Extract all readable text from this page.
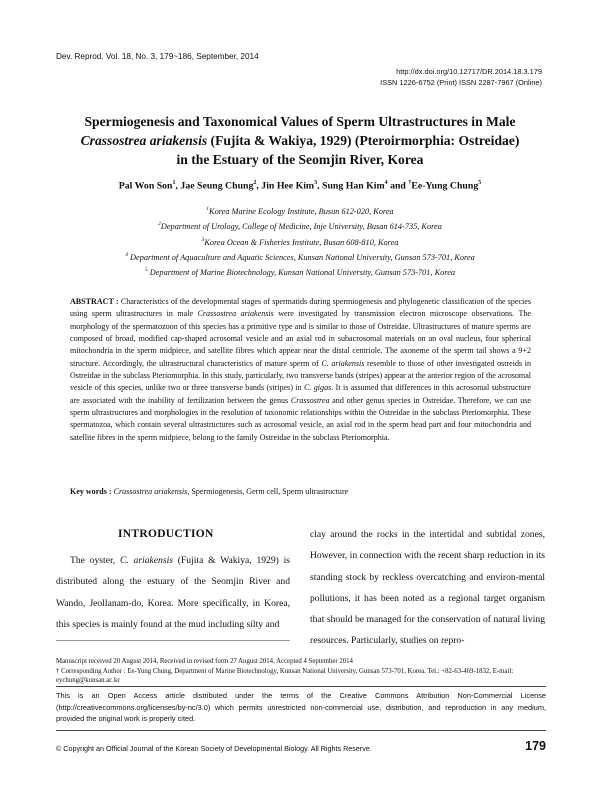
Dev. Reprod. Vol. 18, No. 3, 179~186, September, 2014
http://dx.doi.org/10.12717/DR.2014.18.3.179
ISSN 1226-6752 (Print) ISSN 2287-7967 (Online)
Spermiogenesis and Taxonomical Values of Sperm Ultrastructures in Male
Crassostrea ariakensis (Fujita & Wakiya, 1929) (Pteroirmorphia: Ostreidae)
in the Estuary of the Seomjin River, Korea
Pal Won Son$^1$, Jae Seung Chung$^2$, Jin Hee Kim$^3$, Sung Han Kim$^4$ and †Ee-Yung Chung$^5$
$^1$Korea Marine Ecology Institute, Busun 612-020, Korea
$^2$Department of Urology, College of Medicine, Inje University, Busan 614-735, Korea
$^3$Korea Ocean & Fisheries Institute, Busan 608-810, Korea
$^4$ Department of Aquaculture and Aquatic Sciences, Kunsan National University, Gunsan 573-701, Korea
$^5$ Department of Marine Biotechnology, Kunsan National University, Gunsan 573-701, Korea
ABSTRACT : Characteristics of the developmental stages of spermatids during spermiogenesis and phylogenetic classification of the species using sperm ultrastructures in male Crassostrea ariakensis were investigated by transmission electron microscope observations. The morphology of the spermatozoon of this species has a primitive type and is similar to those of Ostreidae. Ultrastructures of mature sperms are composed of broad, modified cap-shaped acrosomal vesicle and an axial rod in subacrosomal materials on an oval nucleus, four spherical mitochondria in the sperm midpiece, and satellite fibres which appear near the distal centriole. The axoneme of the sperm tail shows a 9+2 structure. Accordingly, the ultrastructural characteristics of mature sperm of C. ariakensis resemble to those of other investigated ostreids in Ostreidae in the subclass Pteriomorphia. In this study, particularly, two transverse bands (stripes) appear at the anterior region of the acrosomal vesicle of this species, unlike two or three transverse bands (stripes) in C. gigas. It is assumed that differences in this acrosomal substructure are associated with the inability of fertilization between the genus Crassostrea and other genus species in Ostreidae. Therefore, we can use sperm ultrastructures and morphologies in the resolution of taxonomic relationships within the Ostreidae in the subclass Pteriomorphia. These spermatozoa, which contain several ultrastructures such as acrosomal vesicle, an axial rod in the sperm head part and four mitochondria and satellite fibres in the sperm midpiece, belong to the family Ostreidae in the subclass Pteriomorphia.
Key words : Crassostrea ariakensis, Spermiogenesis, Germ cell, Sperm ultrastructure
INTRODUCTION

The oyster, C. ariakensis (Fujita & Wakiya, 1929) is distributed along the estuary of the Seomjin River and Wando, Jeollanam-do, Korea. More specifically, in Korea, this species is mainly found at the mud including silty and

clay around the rocks in the intertidal and subtidal zones, However, in connection with the recent sharp reduction in its standing stock by reckless overcatching and environ-mental pollutions, it has been noted as a regional target organism that should be managed for the conservation of natural living resources. Particularly, studies on repro-

Manuscript received 20 August 2014, Received in revised form 27 August 2014, Accepted 4 September 2014
† Corresponding Author : Ee-Yung Chung, Department of Marine Biotechnology, Kunsan National University, Gunsan 573-701, Korea. Tel.: +82-63-469-1832, E-mail: eychung@kunsan.ac.kr
This is an Open Access article distributed under the terms of the Creative Commons Attribution Non-Commercial License (http://creativecommons.org/licenses/by-nc/3.0) which permits unrestricted non-commercial use, distribution, and reproduction in any medium, provided the original work is properly cited.
© Copyright an Official Journal of the Korean Society of Developmental Biology. All Rights Reserve.	179
